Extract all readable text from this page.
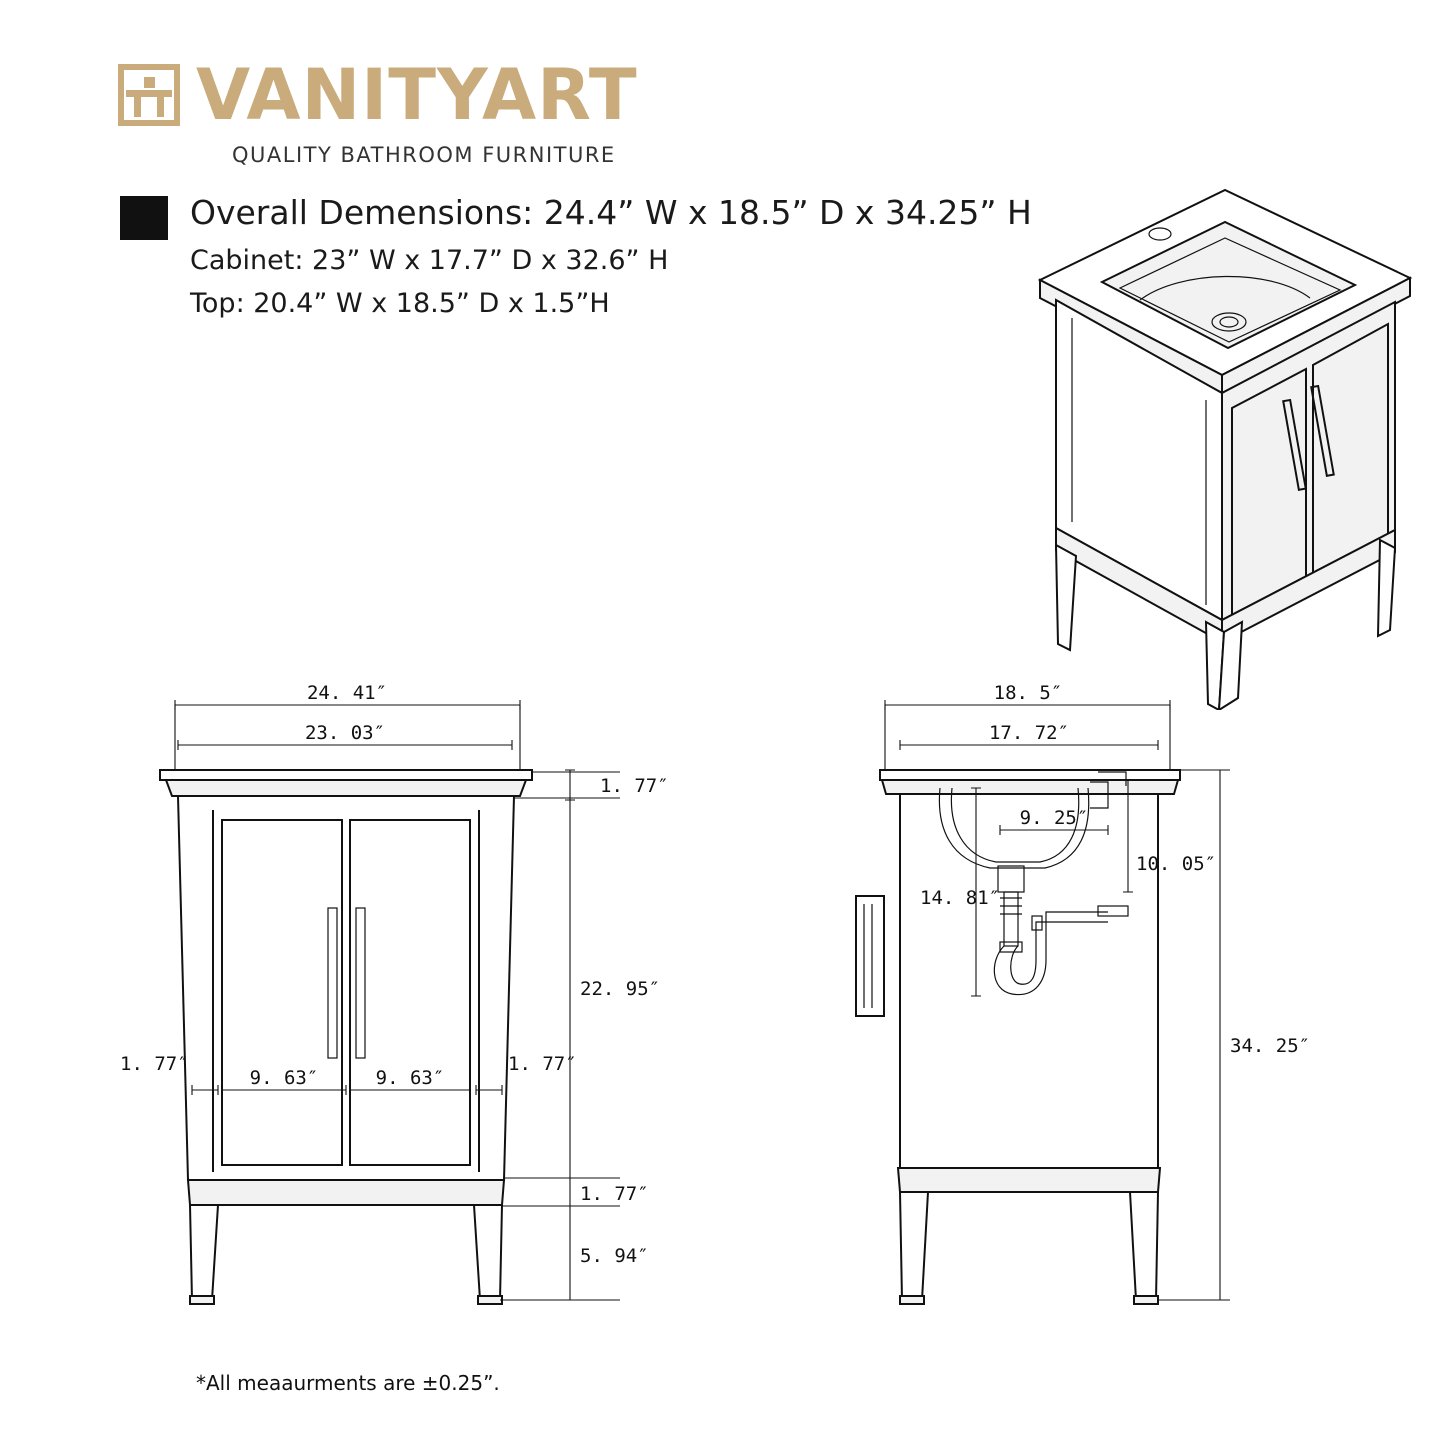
VANITYART
QUALITY BATHROOM FURNITURE
Overall Demensions: 24.4” W x 18.5” D x 34.25” H
Cabinet: 23” W x 17.7” D x 32.6” H
Top: 20.4” W x 18.5” D x 1.5”H
*All meaaurments are ±0.25”.
24. 41″
23. 03″
1. 77″
22. 95″
1. 77″
5. 94″
9. 63″	9. 63″
1. 77″	1. 77″
18. 5″
17. 72″
9. 25″
10. 05″
14. 81″
34. 25″
